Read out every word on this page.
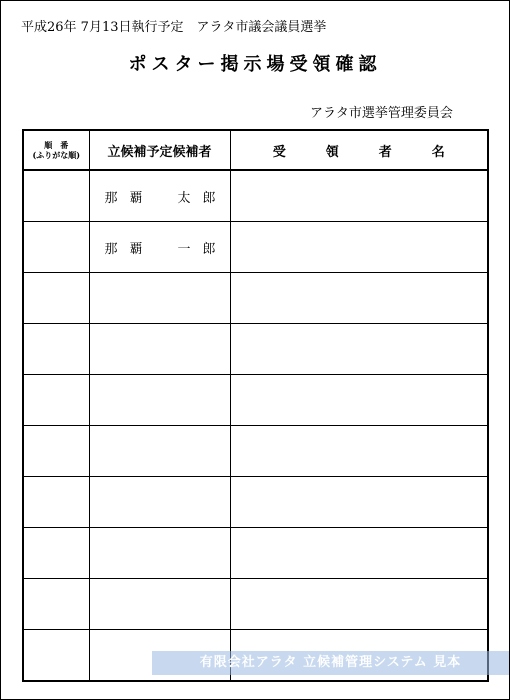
平成26年 7月13日執行予定　アラタ市議会議員選挙
ポスター掲示場受領確認
アラタ市選挙管理委員会
順　番
(ふりがな順)	立候補予定候補者	受 領 者 名
	那 覇 太 郎	
	那 覇 一 郎	

有限会社アラタ 立候補管理システム 見本
